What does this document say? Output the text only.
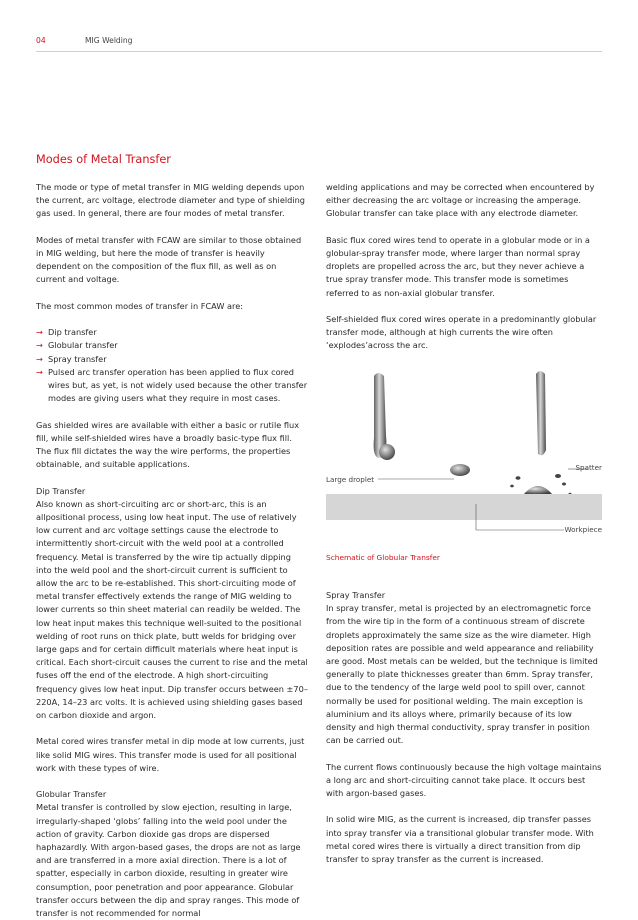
04	MIG Welding
Modes of Metal Transfer

The mode or type of metal transfer in MIG welding depends upon the current, arc voltage, electrode diameter and type of shielding gas used. In general, there are four modes of metal transfer.

Modes of metal transfer with FCAW are similar to those obtained in MIG welding, but here the mode of transfer is heavily dependent on the composition of the flux fill, as well as on current and voltage.

The most common modes of transfer in FCAW are:

→ Dip transfer
→ Globular transfer
→ Spray transfer
→ Pulsed arc transfer operation has been applied to flux cored wires but, as yet, is not widely used because the other transfer modes are giving users what they require in most cases.

Gas shielded wires are available with either a basic or rutile flux fill, while self-shielded wires have a broadly basic-type flux fill. The flux fill dictates the way the wire performs, the properties obtainable, and suitable applications.

Dip Transfer

Also known as short-circuiting arc or short-arc, this is an allpositional process, using low heat input. The use of relatively low current and arc voltage settings cause the electrode to intermittently short-circuit with the weld pool at a controlled frequency. Metal is transferred by the wire tip actually dipping into the weld pool and the short-circuit current is sufficient to allow the arc to be re-established. This short-circuiting mode of metal transfer effectively extends the range of MIG welding to lower currents so thin sheet material can readily be welded. The low heat input makes this technique well-suited to the positional welding of root runs on thick plate, butt welds for bridging over large gaps and for certain difficult materials where heat input is critical. Each short-circuit causes the current to rise and the metal fuses off the end of the electrode. A high short-circuiting frequency gives low heat input. Dip transfer occurs between ±70–220A, 14–23 arc volts. It is achieved using shielding gases based on carbon dioxide and argon.

Metal cored wires transfer metal in dip mode at low currents, just like solid MIG wires. This transfer mode is used for all positional work with these types of wire.

Globular Transfer

Metal transfer is controlled by slow ejection, resulting in large, irregularly-shaped ‘globs’ falling into the weld pool under the action of gravity. Carbon dioxide gas drops are dispersed haphazardly. With argon-based gases, the drops are not as large and are transferred in a more axial direction. There is a lot of spatter, especially in carbon dioxide, resulting in greater wire consumption, poor penetration and poor appearance. Globular transfer occurs between the dip and spray ranges. This mode of transfer is not recommended for normal

welding applications and may be corrected when encountered by either decreasing the arc voltage or increasing the amperage. Globular transfer can take place with any electrode diameter.

Basic flux cored wires tend to operate in a globular mode or in a globular-spray transfer mode, where larger than normal spray droplets are propelled across the arc, but they never achieve a true spray transfer mode. This transfer mode is sometimes referred to as non-axial globular transfer.

Self-shielded flux cored wires operate in a predominantly globular transfer mode, although at high currents the wire often ‘explodes’across the arc.

Large droplet
Spatter
Workpiece
Schematic of Globular Transfer

Spray Transfer

In spray transfer, metal is projected by an electromagnetic force from the wire tip in the form of a continuous stream of discrete droplets approximately the same size as the wire diameter. High deposition rates are possible and weld appearance and reliability are good. Most metals can be welded, but the technique is limited generally to plate thicknesses greater than 6mm. Spray transfer, due to the tendency of the large weld pool to spill over, cannot normally be used for positional welding. The main exception is aluminium and its alloys where, primarily because of its low density and high thermal conductivity, spray transfer in position can be carried out.

The current flows continuously because the high voltage maintains a long arc and short-circuiting cannot take place. It occurs best with argon-based gases.

In solid wire MIG, as the current is increased, dip transfer passes into spray transfer via a transitional globular transfer mode. With metal cored wires there is virtually a direct transition from dip transfer to spray transfer as the current is increased.
